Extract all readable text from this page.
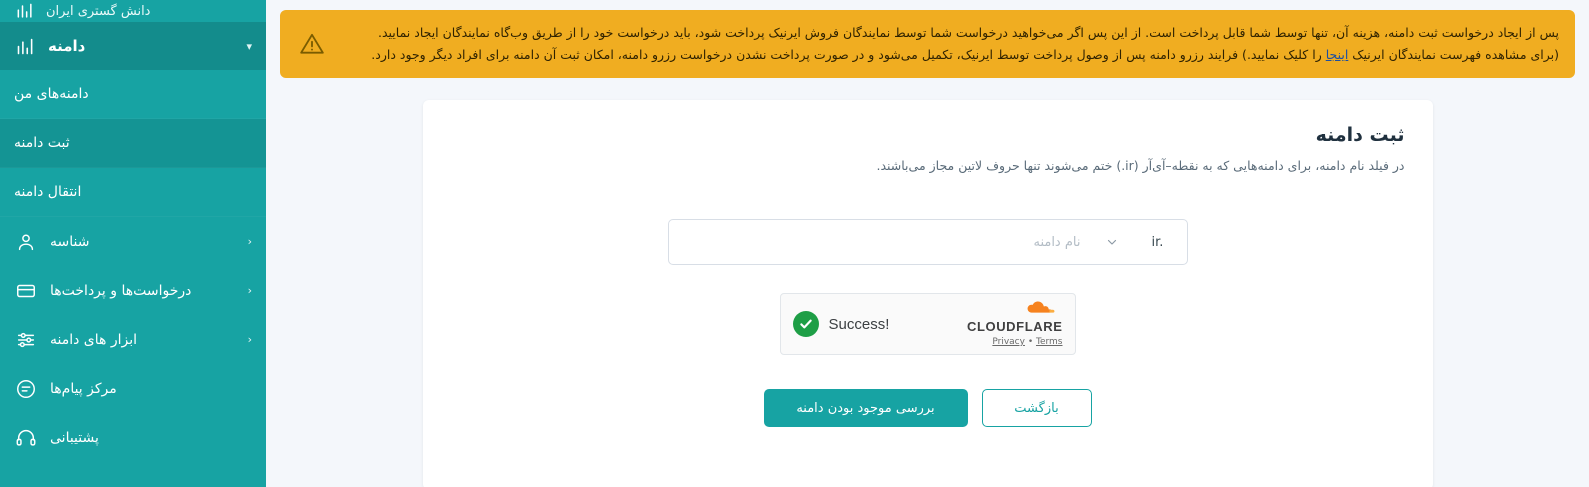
دانش گستری ایران
▾
دامنه
دامنه‌های من
ثبت دامنه
انتقال دامنه
‹
شناسه
‹
درخواست‌ها و پرداخت‌ها
‹
ابزار های دامنه
مرکز پیام‌ها
پشتیبانی
پس از ایجاد درخواست ثبت دامنه، هزینه آن، تنها توسط شما قابل پرداخت است. از این پس اگر می‌خواهید درخواست شما توسط نمایندگان فروش ایرنیک پرداخت شود، باید درخواست خود را از طریق وب‌گاه نمایندگان ایجاد نمایید.
(برای مشاهده فهرست نمایندگان ایرنیک اینجا را کلیک نمایید.) فرایند رزرو دامنه پس از وصول پرداخت توسط ایرنیک، تکمیل می‌شود و در صورت پرداخت نشدن درخواست رزرو دامنه، امکان ثبت آن دامنه برای افراد دیگر وجود دارد.
ثبت دامنه
در فیلد نام دامنه، برای دامنه‌هایی که به نقطه–آی‌آر (ir.) ختم می‌شوند تنها حروف لاتین مجاز می‌باشند.
ir.
نام دامنه
Success!	CLOUDFLARE
Privacy • Terms
بازگشت
بررسی موجود بودن دامنه
